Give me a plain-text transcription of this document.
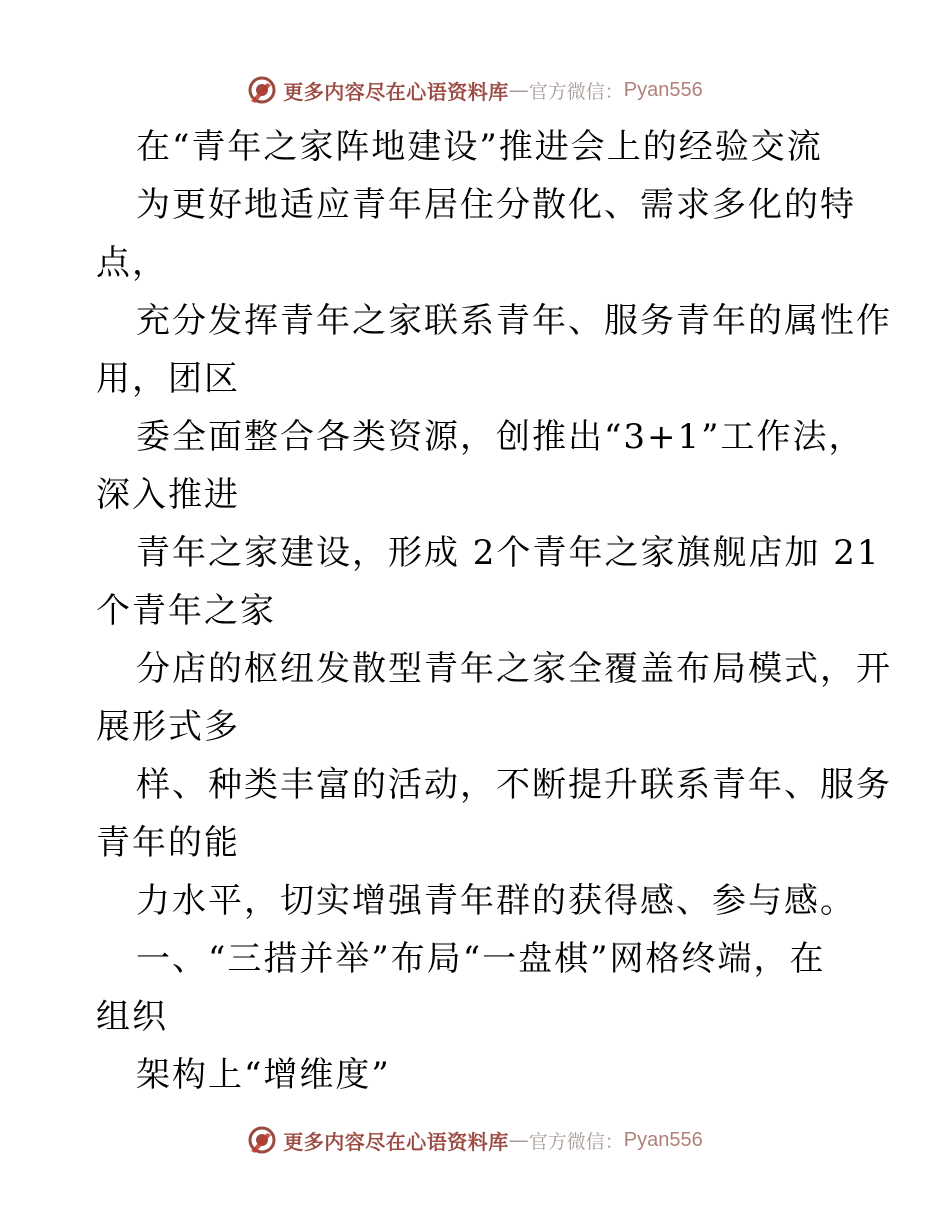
更多内容尽在心语资料库 — 官方微信： Pyan556
在“青年之家阵地建设”推进会上的经验交流
为更好地适应青年居住分散化、需求多化的特
点，
充分发挥青年之家联系青年、服务青年的属性作
用，团区
委全面整合各类资源，创推出“3+1”工作法，
深入推进
青年之家建设，形成 2个青年之家旗舰店加 21
个青年之家
分店的枢纽发散型青年之家全覆盖布局模式，开
展形式多
样、种类丰富的活动，不断提升联系青年、服务
青年的能
力水平，切实增强青年群的获得感、参与感。
一、“三措并举”布局“一盘棋”网格终端，在
组织
架构上“增维度”
更多内容尽在心语资料库 — 官方微信： Pyan556
